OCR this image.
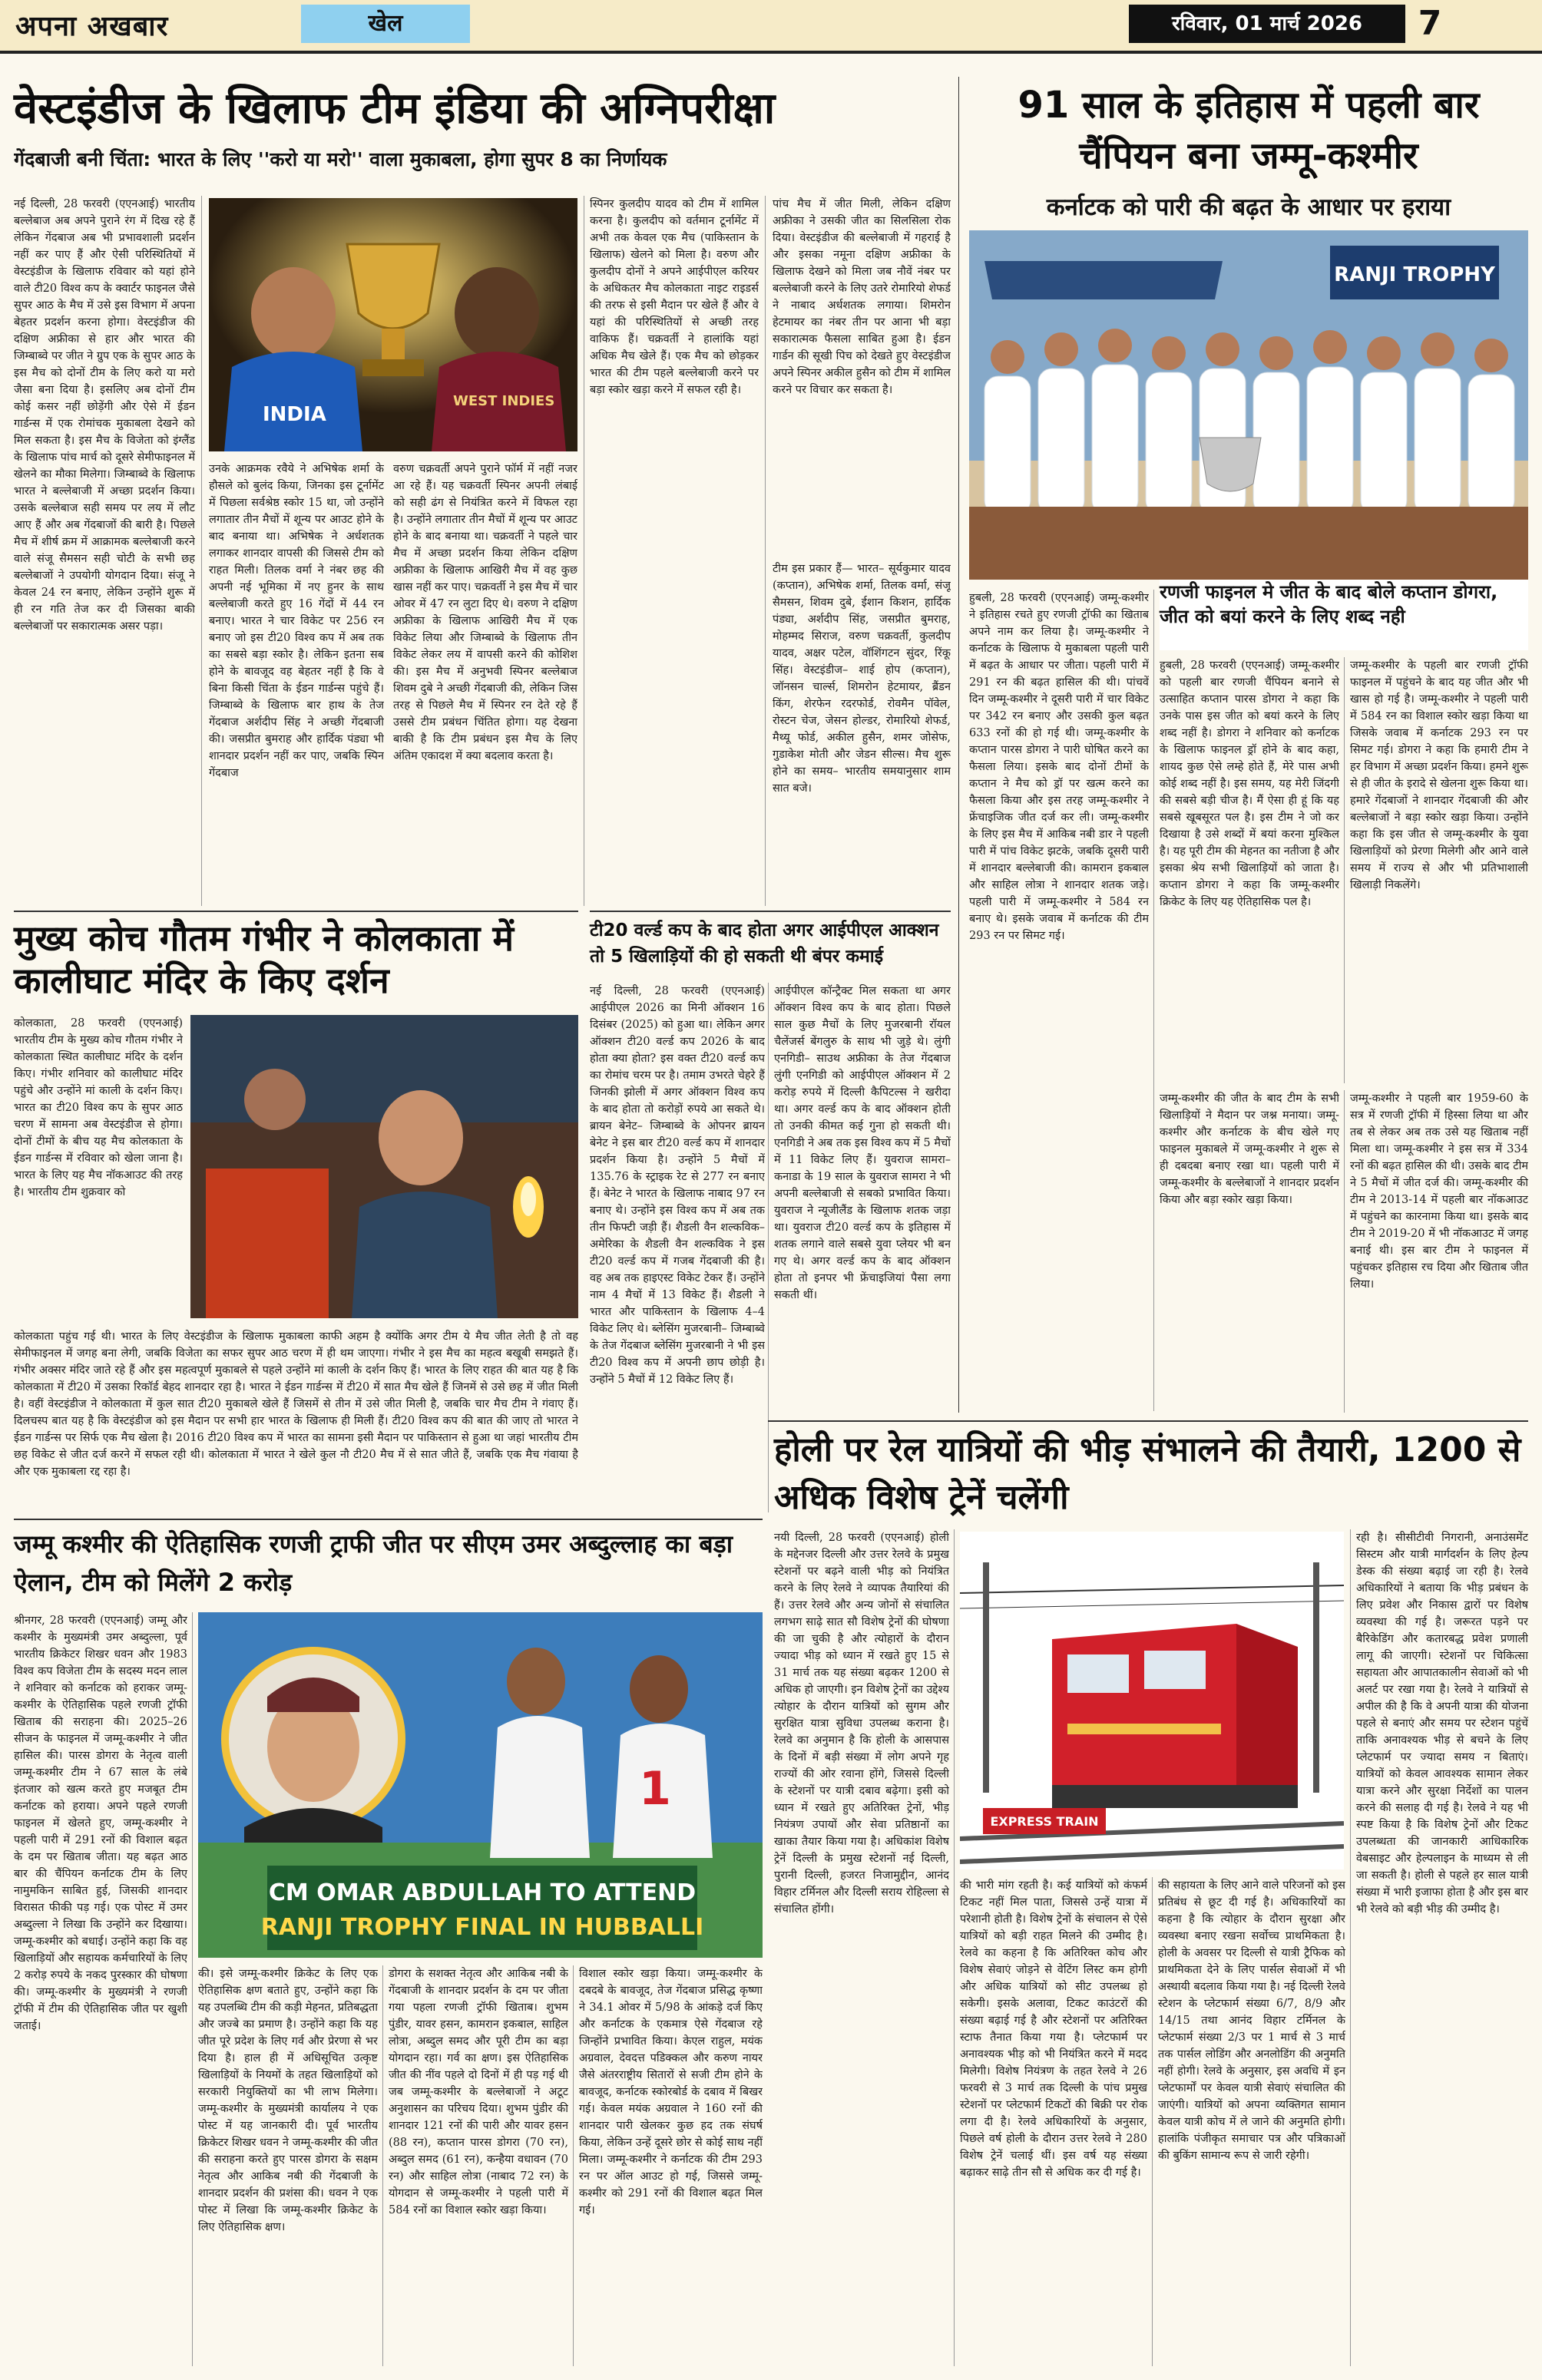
अपना अखबार	खेल	रविवार, 01 मार्च 2026	7
वेस्टइंडीज के खिलाफ टीम इंडिया की अग्निपरीक्षा
गेंदबाजी बनी चिंता: भारत के लिए ''करो या मरो'' वाला मुकाबला, होगा सुपर 8 का निर्णायक
नई दिल्ली, 28 फरवरी (एएनआई) भारतीय बल्लेबाज अब अपने पुराने रंग में दिख रहे हैं लेकिन गेंदबाज अब भी प्रभावशाली प्रदर्शन नहीं कर पाए हैं और ऐसी परिस्थितियों में वेस्टइंडीज के खिलाफ रविवार को यहां होने वाले टी20 विश्व कप के क्वार्टर फाइनल जैसे सुपर आठ के मैच में उसे इस विभाग में अपना बेहतर प्रदर्शन करना होगा। वेस्टइंडीज की दक्षिण अफ्रीका से हार और भारत की जिम्बाब्वे पर जीत ने ग्रुप एक के सुपर आठ के इस मैच को दोनों टीम के लिए करो या मरो जैसा बना दिया है। इसलिए अब दोनों टीम कोई कसर नहीं छोड़ेंगी और ऐसे में ईडन गार्डन्स में एक रोमांचक मुकाबला देखने को मिल सकता है। इस मैच के विजेता को इंग्लैंड के खिलाफ पांच मार्च को दूसरे सेमीफाइनल में खेलने का मौका मिलेगा। जिम्बाब्वे के खिलाफ भारत ने बल्लेबाजी में अच्छा प्रदर्शन किया। उसके बल्लेबाज सही समय पर लय में लौट आए हैं और अब गेंदबाजों की बारी है। पिछले मैच में शीर्ष क्रम में आक्रामक बल्लेबाजी करने वाले संजू सैमसन सही चोटी के सभी छह बल्लेबाजों ने उपयोगी योगदान दिया। संजू ने केवल 24 रन बनाए, लेकिन उन्होंने शुरू में ही रन गति तेज कर दी जिसका बाकी बल्लेबाजों पर सकारात्मक असर पड़ा।
INDIA
WEST INDIES
उनके आक्रमक रवैये ने अभिषेक शर्मा के हौसले को बुलंद किया, जिनका इस टूर्नामेंट में पिछला सर्वश्रेष्ठ स्कोर 15 था, जो उन्होंने लगातार तीन मैचों में शून्य पर आउट होने के बाद बनाया था। अभिषेक ने अर्धशतक लगाकर शानदार वापसी की जिससे टीम को राहत मिली। तिलक वर्मा ने नंबर छह की अपनी नई भूमिका में नए हुनर के साथ बल्लेबाजी करते हुए 16 गेंदों में 44 रन बनाए। भारत ने चार विकेट पर 256 रन बनाए जो इस टी20 विश्व कप में अब तक का सबसे बड़ा स्कोर है। लेकिन इतना सब होने के बावजूद वह बेहतर नहीं है कि वे बिना किसी चिंता के ईडन गार्डन्स पहुंचे हैं। जिम्बाब्वे के खिलाफ बार हाथ के तेज गेंदबाज अर्शदीप सिंह ने अच्छी गेंदबाजी की। जसप्रीत बुमराह और हार्दिक पंड्या भी शानदार प्रदर्शन नहीं कर पाए, जबकि स्पिन गेंदबाज
वरुण चक्रवर्ती अपने पुराने फॉर्म में नहीं नजर आ रहे हैं। यह चक्रवर्ती स्पिनर अपनी लंबाई को सही ढंग से नियंत्रित करने में विफल रहा है। उन्होंने लगातार तीन मैचों में शून्य पर आउट होने के बाद बनाया था। चक्रवर्ती ने पहले चार मैच में अच्छा प्रदर्शन किया लेकिन दक्षिण अफ्रीका के खिलाफ आखिरी मैच में वह कुछ खास नहीं कर पाए। चक्रवर्ती ने इस मैच में चार ओवर में 47 रन लुटा दिए थे। वरुण ने दक्षिण अफ्रीका के खिलाफ आखिरी मैच में एक विकेट लिया और जिम्बाब्वे के खिलाफ तीन विकेट लेकर लय में वापसी करने की कोशिश की। इस मैच में अनुभवी स्पिनर बल्लेबाज शिवम दुबे ने अच्छी गेंदबाजी की, लेकिन जिस तरह से पिछले मैच में स्पिनर रन देते रहे हैं उससे टीम प्रबंधन चिंतित होगा। यह देखना बाकी है कि टीम प्रबंधन इस मैच के लिए अंतिम एकादश में क्या बदलाव करता है।
स्पिनर कुलदीप यादव को टीम में शामिल करना है। कुलदीप को वर्तमान टूर्नामेंट में अभी तक केवल एक मैच (पाकिस्तान के खिलाफ) खेलने को मिला है। वरुण और कुलदीप दोनों ने अपने आईपीएल करियर के अधिकतर मैच कोलकाता नाइट राइडर्स की तरफ से इसी मैदान पर खेले हैं और वे यहां की परिस्थितियों से अच्छी तरह वाकिफ हैं। चक्रवर्ती ने हालांकि यहां अधिक मैच खेले हैं। एक मैच को छोड़कर भारत की टीम पहले बल्लेबाजी करने पर बड़ा स्कोर खड़ा करने में सफल रही है।
पांच मैच में जीत मिली, लेकिन दक्षिण अफ्रीका ने उसकी जीत का सिलसिला रोक दिया। वेस्टइंडीज की बल्लेबाजी में गहराई है और इसका नमूना दक्षिण अफ्रीका के खिलाफ देखने को मिला जब नौवें नंबर पर बल्लेबाजी करने के लिए उतरे रोमारियो शेफर्ड ने नाबाद अर्धशतक लगाया। शिमरोन हेटमायर का नंबर तीन पर आना भी बड़ा सकारात्मक फैसला साबित हुआ है। ईडन गार्डन की सूखी पिच को देखते हुए वेस्टइंडीज अपने स्पिनर अकील हुसैन को टीम में शामिल करने पर विचार कर सकता है।
टीम इस प्रकार हैं— भारत– सूर्यकुमार यादव (कप्तान), अभिषेक शर्मा, तिलक वर्मा, संजू सैमसन, शिवम दुबे, ईशान किशन, हार्दिक पंड्या, अर्शदीप सिंह, जसप्रीत बुमराह, मोहम्मद सिराज, वरुण चक्रवर्ती, कुलदीप यादव, अक्षर पटेल, वॉशिंगटन सुंदर, रिंकू सिंह। वेस्टइंडीज– शाई होप (कप्तान), जॉनसन चार्ल्स, शिमरोन हेटमायर, ब्रैंडन किंग, शेरफेन रदरफोर्ड, रोवमैन पॉवेल, रोस्टन चेज, जेसन होल्डर, रोमारियो शेफर्ड, मैथ्यू फोर्ड, अकील हुसैन, शमर जोसेफ, गुडाकेश मोती और जेडन सील्स। मैच शुरू होने का समय– भारतीय समयानुसार शाम सात बजे।
मुख्य कोच गौतम गंभीर ने कोलकाता में कालीघाट मंदिर के किए दर्शन
कोलकाता, 28 फरवरी (एएनआई) भारतीय टीम के मुख्य कोच गौतम गंभीर ने कोलकाता स्थित कालीघाट मंदिर के दर्शन किए। गंभीर शनिवार को कालीघाट मंदिर पहुंचे और उन्होंने मां काली के दर्शन किए। भारत का टी20 विश्व कप के सुपर आठ चरण में सामना अब वेस्टइंडीज से होगा। दोनों टीमों के बीच यह मैच कोलकाता के ईडन गार्डन्स में रविवार को खेला जाना है। भारत के लिए यह मैच नॉकआउट की तरह है। भारतीय टीम शुक्रवार को
कोलकाता पहुंच गई थी। भारत के लिए वेस्टइंडीज के खिलाफ मुकाबला काफी अहम है क्योंकि अगर टीम ये मैच जीत लेती है तो वह सेमीफाइनल में जगह बना लेगी, जबकि विजेता का सफर सुपर आठ चरण में ही थम जाएगा। गंभीर ने इस मैच का महत्व बखूबी समझते हैं। गंभीर अक्सर मंदिर जाते रहे हैं और इस महत्वपूर्ण मुकाबले से पहले उन्होंने मां काली के दर्शन किए हैं। भारत के लिए राहत की बात यह है कि कोलकाता में टी20 में उसका रिकॉर्ड बेहद शानदार रहा है। भारत ने ईडन गार्डन्स में टी20 में सात मैच खेले हैं जिनमें से उसे छह में जीत मिली है। वहीं वेस्टइंडीज ने कोलकाता में कुल सात टी20 मुकाबले खेले हैं जिसमें से तीन में उसे जीत मिली है, जबकि चार मैच टीम ने गंवाए हैं। दिलचस्प बात यह है कि वेस्टइंडीज को इस मैदान पर सभी हार भारत के खिलाफ ही मिली हैं। टी20 विश्व कप की बात की जाए तो भारत ने ईडन गार्डन्स पर सिर्फ एक मैच खेला है। 2016 टी20 विश्व कप में भारत का सामना इसी मैदान पर पाकिस्तान से हुआ था जहां भारतीय टीम छह विकेट से जीत दर्ज करने में सफल रही थी। कोलकाता में भारत ने खेले कुल नौ टी20 मैच में से सात जीते हैं, जबकि एक मैच गंवाया है और एक मुकाबला रद्द रहा है।
टी20 वर्ल्ड कप के बाद होता अगर आईपीएल आक्शन तो 5 खिलाड़ियों की हो सकती थी बंपर कमाई
नई दिल्ली, 28 फरवरी (एएनआई) आईपीएल 2026 का मिनी ऑक्शन 16 दिसंबर (2025) को हुआ था। लेकिन अगर ऑक्शन टी20 वर्ल्ड कप 2026 के बाद होता क्या होता? इस वक्त टी20 वर्ल्ड कप का रोमांच चरम पर है। तमाम उभरते चेहरे हैं जिनकी झोली में अगर ऑक्शन विश्व कप के बाद होता तो करोड़ों रुपये आ सकते थे। ब्रायन बेनेट– जिम्बाब्वे के ओपनर ब्रायन बेनेट ने इस बार टी20 वर्ल्ड कप में शानदार प्रदर्शन किया है। उन्होंने 5 मैचों में 135.76 के स्ट्राइक रेट से 277 रन बनाए हैं। बेनेट ने भारत के खिलाफ नाबाद 97 रन बनाए थे। उन्होंने इस विश्व कप में अब तक तीन फिफ्टी जड़ी हैं। शैडली वैन शल्कविक– अमेरिका के शैडली वैन शल्कविक ने इस टी20 वर्ल्ड कप में गजब गेंदबाजी की है। वह अब तक हाइएस्ट विकेट टेकर हैं। उन्होंने नाम 4 मैचों में 13 विकेट हैं। शैडली ने भारत और पाकिस्तान के खिलाफ 4–4 विकेट लिए थे। ब्लेसिंग मुजरबानी– जिम्बाब्वे के तेज गेंदबाज ब्लेसिंग मुजरबानी ने भी इस टी20 विश्व कप में अपनी छाप छोड़ी है। उन्होंने 5 मैचों में 12 विकेट लिए हैं।
आईपीएल कॉन्ट्रैक्ट मिल सकता था अगर ऑक्शन विश्व कप के बाद होता। पिछले साल कुछ मैचों के लिए मुजरबानी रॉयल चैलेंजर्स बेंगलुरु के साथ भी जुड़े थे। लुंगी एनगिडी– साउथ अफ्रीका के तेज गेंदबाज लुंगी एनगिडी को आईपीएल ऑक्शन में 2 करोड़ रुपये में दिल्ली कैपिटल्स ने खरीदा था। अगर वर्ल्ड कप के बाद ऑक्शन होती तो उनकी कीमत कई गुना हो सकती थी। एनगिडी ने अब तक इस विश्व कप में 5 मैचों में 11 विकेट लिए हैं। युवराज सामरा– कनाडा के 19 साल के युवराज सामरा ने भी अपनी बल्लेबाजी से सबको प्रभावित किया। युवराज ने न्यूजीलैंड के खिलाफ शतक जड़ा था। युवराज टी20 वर्ल्ड कप के इतिहास में शतक लगाने वाले सबसे युवा प्लेयर भी बन गए थे। अगर वर्ल्ड कप के बाद ऑक्शन होता तो इनपर भी फ्रेंचाइजियां पैसा लगा सकती थीं।
91 साल के इतिहास में पहली बार चैंपियन बना जम्मू-कश्मीर
कर्नाटक को पारी की बढ़त के आधार पर हराया
RANJI TROPHY
हुबली, 28 फरवरी (एएनआई) जम्मू-कश्मीर ने इतिहास रचते हुए रणजी ट्रॉफी का खिताब अपने नाम कर लिया है। जम्मू-कश्मीर ने कर्नाटक के खिलाफ ये मुकाबला पहली पारी में बढ़त के आधार पर जीता। पहली पारी में 291 रन की बढ़त हासिल की थी। पांचवें दिन जम्मू-कश्मीर ने दूसरी पारी में चार विकेट पर 342 रन बनाए और उसकी कुल बढ़त 633 रनों की हो गई थी। जम्मू-कश्मीर के कप्तान पारस डोगरा ने पारी घोषित करने का फैसला लिया। इसके बाद दोनों टीमों के कप्तान ने मैच को ड्रॉ पर खत्म करने का फैसला किया और इस तरह जम्मू-कश्मीर ने फ्रेंचाइजिक जीत दर्ज कर ली। जम्मू-कश्मीर के लिए इस मैच में आकिब नबी डार ने पहली पारी में पांच विकेट झटके, जबकि दूसरी पारी में शानदार बल्लेबाजी की। कामरान इकबाल और साहिल लोत्रा ने शानदार शतक जड़े। पहली पारी में जम्मू-कश्मीर ने 584 रन बनाए थे। इसके जवाब में कर्नाटक की टीम 293 रन पर सिमट गई।
रणजी फाइनल मे जीत के बाद बोले कप्तान डोगरा, जीत को बयां करने के लिए शब्द नही
हुबली, 28 फरवरी (एएनआई) जम्मू-कश्मीर को पहली बार रणजी चैंपियन बनाने से उत्साहित कप्तान पारस डोगरा ने कहा कि उनके पास इस जीत को बयां करने के लिए शब्द नहीं है। डोगरा ने शनिवार को कर्नाटक के खिलाफ फाइनल ड्रॉ होने के बाद कहा, शायद कुछ ऐसे लम्हे होते हैं, मेरे पास अभी कोई शब्द नहीं है। इस समय, यह मेरी जिंदगी की सबसे बड़ी चीज है। मैं ऐसा ही हूं कि यह सबसे खूबसूरत पल है। इस टीम ने जो कर दिखाया है उसे शब्दों में बयां करना मुश्किल है। यह पूरी टीम की मेहनत का नतीजा है और इसका श्रेय सभी खिलाड़ियों को जाता है। कप्तान डोगरा ने कहा कि जम्मू-कश्मीर क्रिकेट के लिए यह ऐतिहासिक पल है।
जम्मू-कश्मीर के पहली बार रणजी ट्रॉफी फाइनल में पहुंचने के बाद यह जीत और भी खास हो गई है। जम्मू-कश्मीर ने पहली पारी में 584 रन का विशाल स्कोर खड़ा किया था जिसके जवाब में कर्नाटक 293 रन पर सिमट गई। डोगरा ने कहा कि हमारी टीम ने हर विभाग में अच्छा प्रदर्शन किया। हमने शुरू से ही जीत के इरादे से खेलना शुरू किया था। हमारे गेंदबाजों ने शानदार गेंदबाजी की और बल्लेबाजों ने बड़ा स्कोर खड़ा किया। उन्होंने कहा कि इस जीत से जम्मू-कश्मीर के युवा खिलाड़ियों को प्रेरणा मिलेगी और आने वाले समय में राज्य से और भी प्रतिभाशाली खिलाड़ी निकलेंगे।
जम्मू-कश्मीर की जीत के बाद टीम के सभी खिलाड़ियों ने मैदान पर जश्न मनाया। जम्मू-कश्मीर और कर्नाटक के बीच खेले गए फाइनल मुकाबले में जम्मू-कश्मीर ने शुरू से ही दबदबा बनाए रखा था। पहली पारी में जम्मू-कश्मीर के बल्लेबाजों ने शानदार प्रदर्शन किया और बड़ा स्कोर खड़ा किया।
जम्मू-कश्मीर ने पहली बार 1959-60 के सत्र में रणजी ट्रॉफी में हिस्सा लिया था और तब से लेकर अब तक उसे यह खिताब नहीं मिला था। जम्मू-कश्मीर ने इस सत्र में 334 रनों की बढ़त हासिल की थी। उसके बाद टीम ने 5 मैचों में जीत दर्ज की। जम्मू-कश्मीर की टीम ने 2013-14 में पहली बार नॉकआउट में पहुंचने का कारनामा किया था। इसके बाद टीम ने 2019-20 में भी नॉकआउट में जगह बनाई थी। इस बार टीम ने फाइनल में पहुंचकर इतिहास रच दिया और खिताब जीत लिया।
होली पर रेल यात्रियों की भीड़ संभालने की तैयारी, 1200 से अधिक विशेष ट्रेनें चलेंगी
नयी दिल्ली, 28 फरवरी (एएनआई) होली के मद्देनजर दिल्ली और उत्तर रेलवे के प्रमुख स्टेशनों पर बढ़ने वाली भीड़ को नियंत्रित करने के लिए रेलवे ने व्यापक तैयारियां की हैं। उत्तर रेलवे और अन्य जोनों से संचालित लगभग साढ़े सात सौ विशेष ट्रेनों की घोषणा की जा चुकी है और त्योहारों के दौरान ज्यादा भीड़ को ध्यान में रखते हुए 15 से 31 मार्च तक यह संख्या बढ़कर 1200 से अधिक हो जाएगी। इन विशेष ट्रेनों का उद्देश्य त्योहार के दौरान यात्रियों को सुगम और सुरक्षित यात्रा सुविधा उपलब्ध कराना है। रेलवे का अनुमान है कि होली के आसपास के दिनों में बड़ी संख्या में लोग अपने गृह राज्यों की ओर रवाना होंगे, जिससे दिल्ली के स्टेशनों पर यात्री दबाव बढ़ेगा। इसी को ध्यान में रखते हुए अतिरिक्त ट्रेनों, भीड़ नियंत्रण उपायों और सेवा प्रतिष्ठानों का खाका तैयार किया गया है। अधिकांश विशेष ट्रेनें दिल्ली के प्रमुख स्टेशनों नई दिल्ली, पुरानी दिल्ली, हजरत निजामुद्दीन, आनंद विहार टर्मिनल और दिल्ली सराय रोहिल्ला से संचालित होंगी।
EXPRESS TRAIN
की भारी मांग रहती है। कई यात्रियों को कंफर्म टिकट नहीं मिल पाता, जिससे उन्हें यात्रा में परेशानी होती है। विशेष ट्रेनों के संचालन से ऐसे यात्रियों को बड़ी राहत मिलने की उम्मीद है। रेलवे का कहना है कि अतिरिक्त कोच और विशेष सेवाएं जोड़ने से वेटिंग लिस्ट कम होगी और अधिक यात्रियों को सीट उपलब्ध हो सकेगी। इसके अलावा, टिकट काउंटरों की संख्या बढ़ाई गई है और स्टेशनों पर अतिरिक्त स्टाफ तैनात किया गया है। प्लेटफार्म पर अनावश्यक भीड़ को भी नियंत्रित करने में मदद मिलेगी। विशेष नियंत्रण के तहत रेलवे ने 26 फरवरी से 3 मार्च तक दिल्ली के पांच प्रमुख स्टेशनों पर प्लेटफार्म टिकटों की बिक्री पर रोक लगा दी है। रेलवे अधिकारियों के अनुसार, पिछले वर्ष होली के दौरान उत्तर रेलवे ने 280 विशेष ट्रेनें चलाई थीं। इस वर्ष यह संख्या बढ़ाकर साढ़े तीन सौ से अधिक कर दी गई है।
की सहायता के लिए आने वाले परिजनों को इस प्रतिबंध से छूट दी गई है। अधिकारियों का कहना है कि त्योहार के दौरान सुरक्षा और व्यवस्था बनाए रखना सर्वोच्च प्राथमिकता है। होली के अवसर पर दिल्ली से यात्री ट्रैफिक को प्राथमिकता देने के लिए पार्सल सेवाओं में भी अस्थायी बदलाव किया गया है। नई दिल्ली रेलवे स्टेशन के प्लेटफार्म संख्या 6/7, 8/9 और 14/15 तथा आनंद विहार टर्मिनल के प्लेटफार्म संख्या 2/3 पर 1 मार्च से 3 मार्च तक पार्सल लोडिंग और अनलोडिंग की अनुमति नहीं होगी। रेलवे के अनुसार, इस अवधि में इन प्लेटफार्मों पर केवल यात्री सेवाएं संचालित की जाएंगी। यात्रियों को अपना व्यक्तिगत सामान केवल यात्री कोच में ले जाने की अनुमति होगी। हालांकि पंजीकृत समाचार पत्र और पत्रिकाओं की बुकिंग सामान्य रूप से जारी रहेगी।
रही है। सीसीटीवी निगरानी, अनाउंसमेंट सिस्टम और यात्री मार्गदर्शन के लिए हेल्प डेस्क की संख्या बढ़ाई जा रही है। रेलवे अधिकारियों ने बताया कि भीड़ प्रबंधन के लिए प्रवेश और निकास द्वारों पर विशेष व्यवस्था की गई है। जरूरत पड़ने पर बैरिकेडिंग और कतारबद्ध प्रवेश प्रणाली लागू की जाएगी। स्टेशनों पर चिकित्सा सहायता और आपातकालीन सेवाओं को भी अलर्ट पर रखा गया है। रेलवे ने यात्रियों से अपील की है कि वे अपनी यात्रा की योजना पहले से बनाएं और समय पर स्टेशन पहुंचें ताकि अनावश्यक भीड़ से बचने के लिए प्लेटफार्म पर ज्यादा समय न बिताएं। यात्रियों को केवल आवश्यक सामान लेकर यात्रा करने और सुरक्षा निर्देशों का पालन करने की सलाह दी गई है। रेलवे ने यह भी स्पष्ट किया है कि विशेष ट्रेनों और टिकट उपलब्धता की जानकारी आधिकारिक वेबसाइट और हेल्पलाइन के माध्यम से ली जा सकती है। होली से पहले हर साल यात्री संख्या में भारी इजाफा होता है और इस बार भी रेलवे को बड़ी भीड़ की उम्मीद है।
जम्मू कश्मीर की ऐतिहासिक रणजी ट्राफी जीत पर सीएम उमर अब्दुल्लाह का बड़ा ऐलान, टीम को मिलेंगे 2 करोड़
श्रीनगर, 28 फरवरी (एएनआई) जम्मू और कश्मीर के मुख्यमंत्री उमर अब्दुल्ला, पूर्व भारतीय क्रिकेटर शिखर धवन और 1983 विश्व कप विजेता टीम के सदस्य मदन लाल ने शनिवार को कर्नाटक को हराकर जम्मू-कश्मीर के ऐतिहासिक पहले रणजी ट्रॉफी खिताब की सराहना की। 2025–26 सीजन के फाइनल में जम्मू-कश्मीर ने जीत हासिल की। पारस डोगरा के नेतृत्व वाली जम्मू-कश्मीर टीम ने 67 साल के लंबे इंतजार को खत्म करते हुए मजबूत टीम कर्नाटक को हराया। अपने पहले रणजी फाइनल में खेलते हुए, जम्मू-कश्मीर ने पहली पारी में 291 रनों की विशाल बढ़त के दम पर खिताब जीता। यह बढ़त आठ बार की चैंपियन कर्नाटक टीम के लिए नामुमकिन साबित हुई, जिसकी शानदार विरासत फीकी पड़ गई। एक पोस्ट में उमर अब्दुल्ला ने लिखा कि उन्होंने कर दिखाया। जम्मू-कश्मीर को बधाई। उन्होंने कहा कि वह खिलाड़ियों और सहायक कर्मचारियों के लिए 2 करोड़ रुपये के नकद पुरस्कार की घोषणा की। जम्मू-कश्मीर के मुख्यमंत्री ने रणजी ट्रॉफी में टीम की ऐतिहासिक जीत पर खुशी जताई।
CM OMAR ABDULLAH TO ATTEND
RANJI TROPHY FINAL IN HUBBALLI
1
की। इसे जम्मू-कश्मीर क्रिकेट के लिए एक ऐतिहासिक क्षण बताते हुए, उन्होंने कहा कि यह उपलब्धि टीम की कड़ी मेहनत, प्रतिबद्धता और जज्बे का प्रमाण है। उन्होंने कहा कि यह जीत पूरे प्रदेश के लिए गर्व और प्रेरणा से भर दिया है। हाल ही में अधिसूचित उत्कृष्ट खिलाड़ियों के नियमों के तहत खिलाड़ियों को सरकारी नियुक्तियों का भी लाभ मिलेगा। जम्मू-कश्मीर के मुख्यमंत्री कार्यालय ने एक पोस्ट में यह जानकारी दी। पूर्व भारतीय क्रिकेटर शिखर धवन ने जम्मू-कश्मीर की जीत की सराहना करते हुए पारस डोगरा के सक्षम नेतृत्व और आकिब नबी की गेंदबाजी के शानदार प्रदर्शन की प्रशंसा की। धवन ने एक पोस्ट में लिखा कि जम्मू-कश्मीर क्रिकेट के लिए ऐतिहासिक क्षण।
डोगरा के सशक्त नेतृत्व और आकिब नबी के गेंदबाजी के शानदार प्रदर्शन के दम पर जीता गया पहला रणजी ट्रॉफी खिताब। शुभम पुंडीर, यावर हसन, कामरान इकबाल, साहिल लोत्रा, अब्दुल समद और पूरी टीम का बड़ा योगदान रहा। गर्व का क्षण। इस ऐतिहासिक जीत की नींव पहले दो दिनों में ही पड़ गई थी जब जम्मू-कश्मीर के बल्लेबाजों ने अटूट अनुशासन का परिचय दिया। शुभम पुंडीर की शानदार 121 रनों की पारी और यावर हसन (88 रन), कप्तान पारस डोगरा (70 रन), अब्दुल समद (61 रन), कन्हैया वधावन (70 रन) और साहिल लोत्रा (नाबाद 72 रन) के योगदान से जम्मू-कश्मीर ने पहली पारी में 584 रनों का विशाल स्कोर खड़ा किया।
विशाल स्कोर खड़ा किया। जम्मू-कश्मीर के दबदबे के बावजूद, तेज गेंदबाज प्रसिद्ध कृष्णा ने 34.1 ओवर में 5/98 के आंकड़े दर्ज किए और कर्नाटक के एकमात्र ऐसे गेंदबाज रहे जिन्होंने प्रभावित किया। केएल राहुल, मयंक अग्रवाल, देवदत्त पडिक्कल और करुण नायर जैसे अंतरराष्ट्रीय सितारों से सजी टीम होने के बावजूद, कर्नाटक स्कोरबोर्ड के दबाव में बिखर गई। केवल मयंक अग्रवाल ने 160 रनों की शानदार पारी खेलकर कुछ हद तक संघर्ष किया, लेकिन उन्हें दूसरे छोर से कोई साथ नहीं मिला। जम्मू-कश्मीर ने कर्नाटक की टीम 293 रन पर ऑल आउट हो गई, जिससे जम्मू-कश्मीर को 291 रनों की विशाल बढ़त मिल गई।
